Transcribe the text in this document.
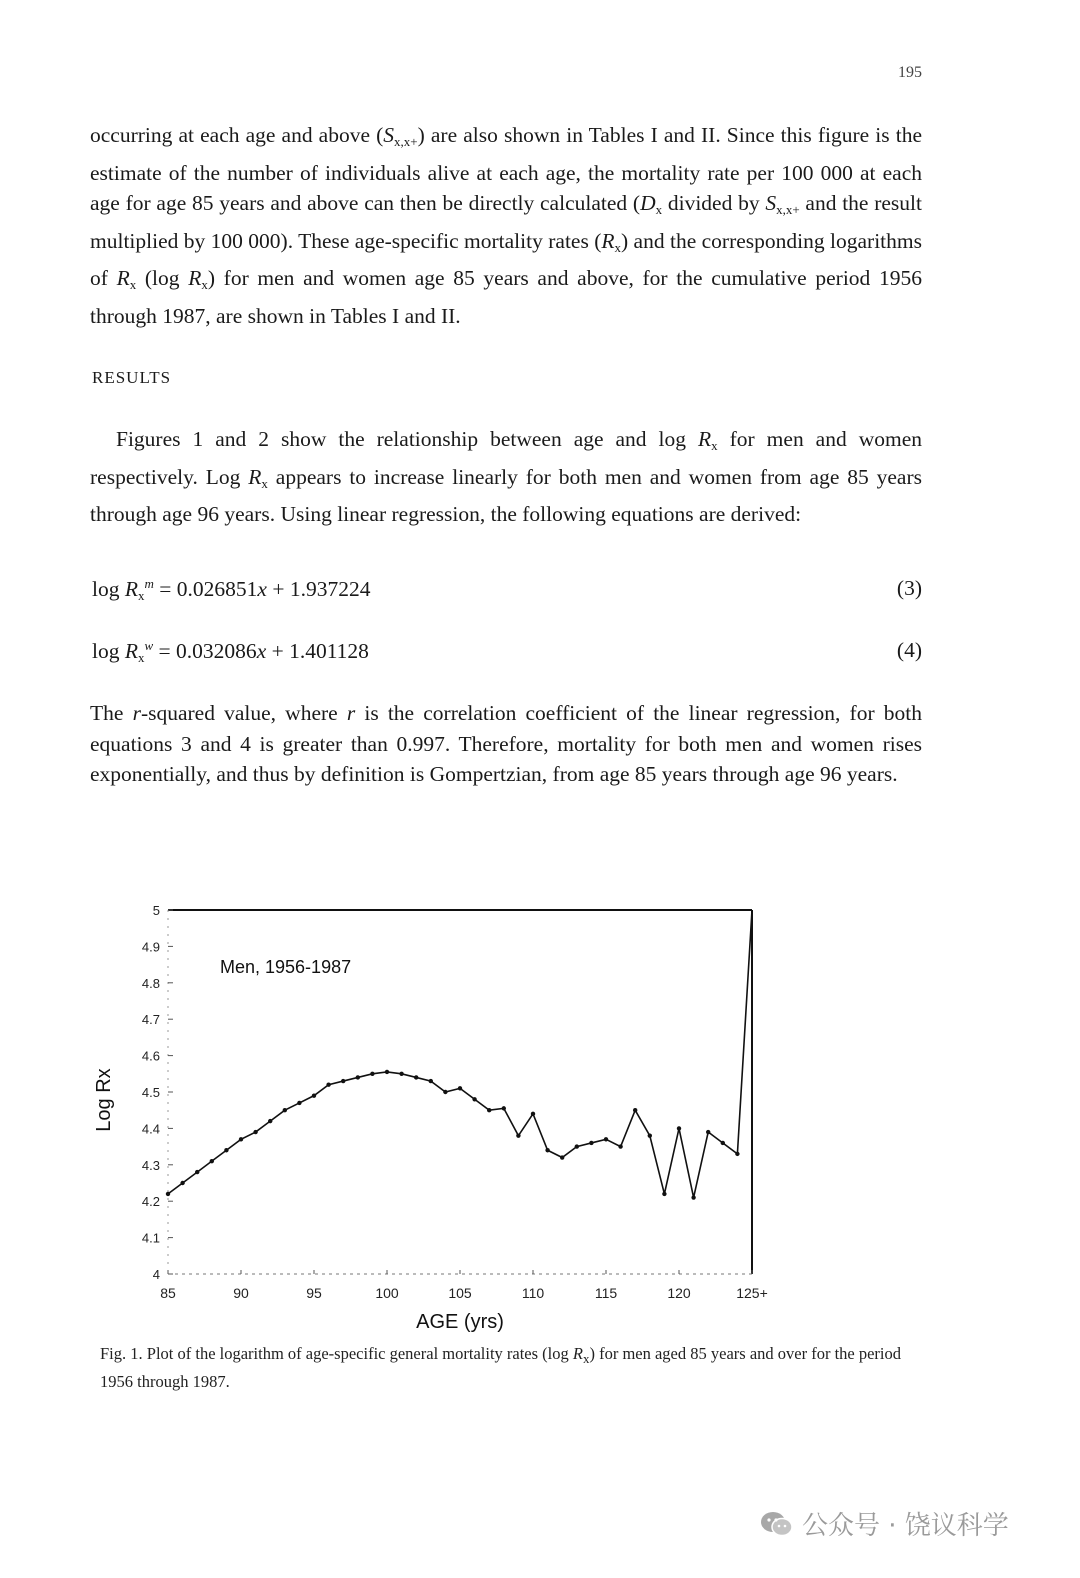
195
occurring at each age and above $(S_{x,x+})$ are also shown in Tables I and II. Since this figure is the estimate of the number of individuals alive at each age, the mortality rate per 100 000 at each age for age 85 years and above can then be directly calculated ($D_x$ divided by $S_{x,x+}$ and the result multiplied by 100 000). These age-specific mortality rates $(R_x)$ and the corresponding logarithms of $R_x$ (log $R_x$) for men and women age 85 years and above, for the cumulative period 1956 through 1987, are shown in Tables I and II.
RESULTS
Figures 1 and 2 show the relationship between age and $\log R_x$ for men and women respectively. Log $R_x$ appears to increase linearly for both men and women from age 85 years through age 96 years. Using linear regression, the following equations are derived:
$\log R_x^m = 0.026851x + 1.937224$	(3)
$\log R_x^w = 0.032086x + 1.401128$	(4)
The r-squared value, where r is the correlation coefficient of the linear regression, for both equations 3 and 4 is greater than 0.997. Therefore, mortality for both men and women rises exponentially, and thus by definition is Gompertzian, from age 85 years through age 96 years.
4
4.1
4.2
4.3
4.4
4.5
4.6
4.7
4.8
4.9
5
85	90	95	100	105	110	115	120	125+
Men, 1956-1987
AGE (yrs)
Log Rx
Fig. 1. Plot of the logarithm of age-specific general mortality rates (log $R_x$) for men aged 85 years and over for the period 1956 through 1987.
公众号 · 饶议科学
